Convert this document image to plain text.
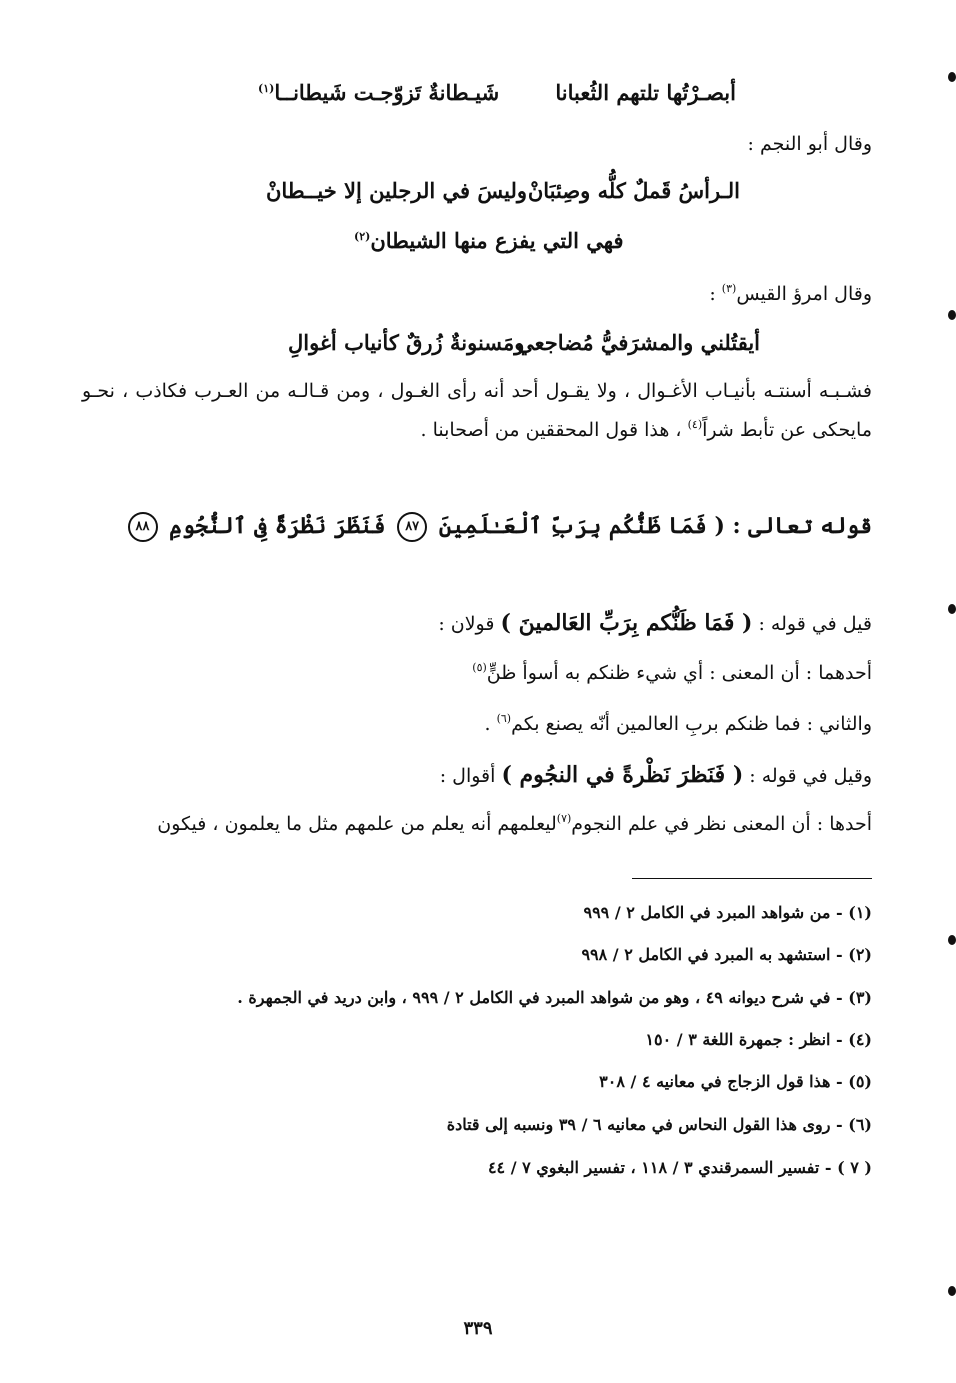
أبصـرْتُها تلتهم الثُعبانا
شَيـطانةٌ تَزوّجـت شَيطانــا$^{(١)}$
وقال أبو النجم :
الـرأسُ قَملٌ كلُّه وصِئبَانْ
وليسَ في الرجلين إلا خيــطانْ
فهي التي يفزع منها الشيطان$^{(٢)}$
وقال امرؤ القيس$^{(٣)}$ :
أيقتُلني والمشرَفيُّ مُضاجعي
ومَسنونةٌ زُرقٌ كأنياب أغوالِ
فشـبـه أسنتـه بأنيـاب الأغـوال ، ولا يقـول أحد أنه رأى الغـول ، ومن قـالـه من العـرب فكاذب ، نحـو
مايحكى عن تأبط شراً$^{(٤)}$ ، هذا قول المحققين من أصحابنا .
قوله تعالى : ( فَمَا ظَنُّكُم بِرَبِّ ٱلْعَـٰلَمِينَ ٨٧ فَنَظَرَ نَظْرَةً فِى ٱلنُّجُومِ ٨٨
قيل في قوله : ( فَمَا ظَنُّكم بِرَبِّ العَالمينَ ) قولان :
أحدهما : أن المعنى : أي شيء ظنكم به أسوأ ظنٍّ$^{(٥)}$
والثاني : فما ظنكم بربِ العالمين أنّه يصنع بكم$^{(٦)}$ .
وقيل في قوله : ( فَنَظرَ نَظْرةً في النجُوم ) أقوال :
أحدها : أن المعنى نظر في علم النجوم$^{(٧)}$ليعلمهم أنه يعلم من علمهم مثل ما يعلمون ، فيكون
(١) - من شواهد المبرد في الكامل ٢ / ٩٩٩
(٢) - استشهد به المبرد في الكامل ٢ / ٩٩٨
(٣) - في شرح ديوانه ٤٩ ، وهو من شواهد المبرد في الكامل ٢ / ٩٩٩ ، وابن دريد في الجمهرة .
(٤) - انظر : جمهرة اللغة ٣ / ١٥٠
(٥) - هذا قول الزجاج في معانيه ٤ / ٣٠٨
(٦) - روى هذا القول النحاس في معانيه ٦ / ٣٩ ونسبه إلى قتادة
( ٧ ) - تفسير السمرقندي ٣ / ١١٨ ، تفسير البغوي ٧ / ٤٤
٣٣٩
